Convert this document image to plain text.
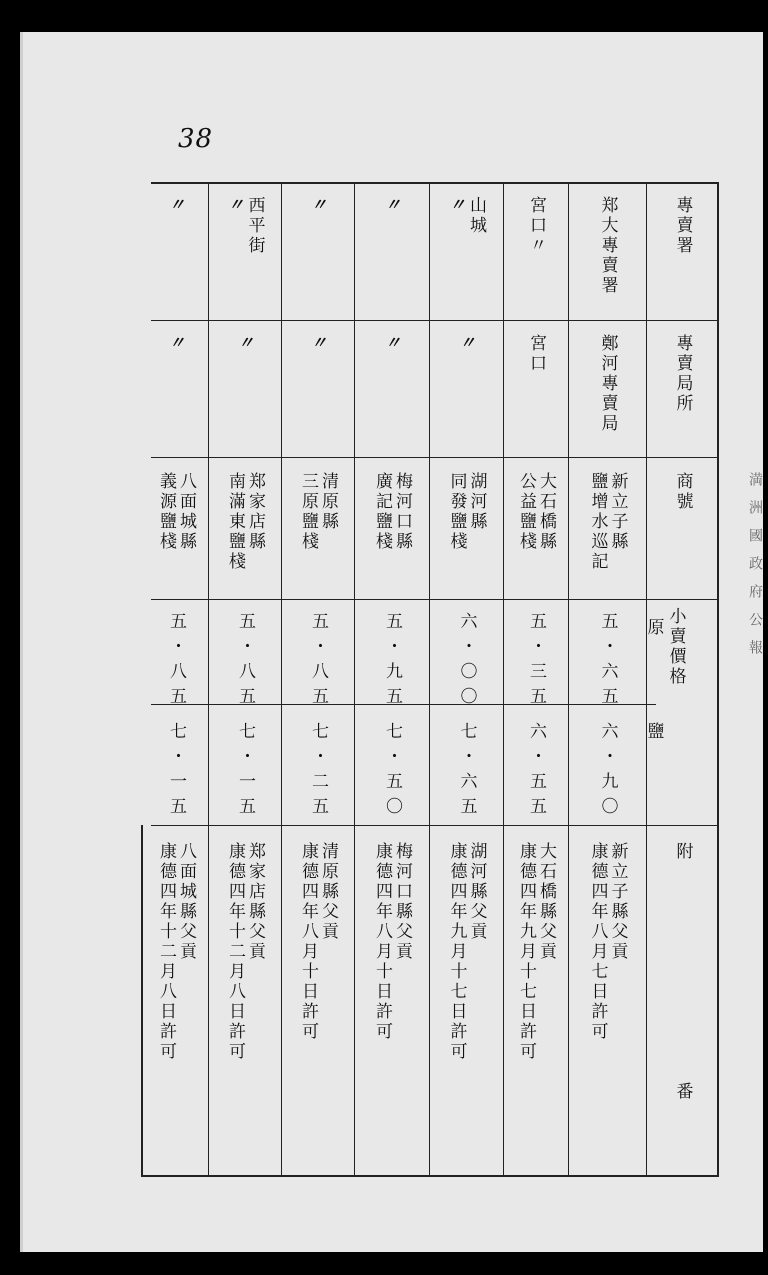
38
專賣署
專賣局所
商號
小賣價格
原
鹽
附
番
郑大專賣署
鄭河專賣局
新立子縣
鹽增水巡記
五・六五
六・九〇
新立子縣父貢
康德四年八月七日許可
宮口〃
宮口
大石橋縣
公益鹽棧
五・三五
六・五五
大石橋縣父貢
康德四年九月十七日許可
山城
〃
〃
湖河縣
同發鹽棧
六・〇〇
七・六五
湖河縣父貢
康德四年九月十七日許可
〃
〃
梅河口縣
廣記鹽棧
五・九五
七・五〇
梅河口縣父貢
康德四年八月十日許可
〃
〃
清原縣
三原鹽棧
五・八五
七・二五
清原縣父貢
康德四年八月十日許可
西平街
〃
〃
郑家店縣
南滿東鹽棧
五・八五
七・一五
郑家店縣父貢
康德四年十二月八日許可
〃
〃
八面城縣
義源鹽棧
五・八五
七・一五
八面城縣父貢
康德四年十二月八日許可
満洲國政府公報
